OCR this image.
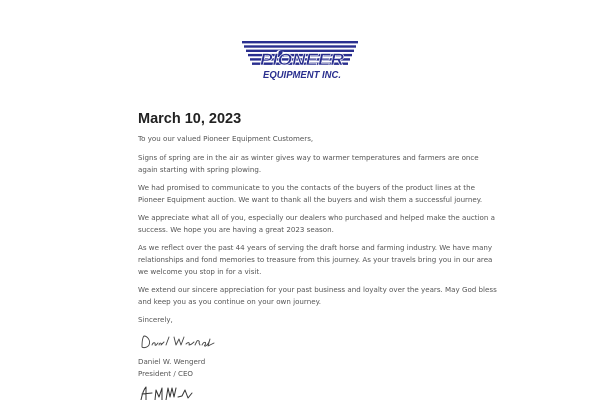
PIONEER
EQUIPMENT INC.
March 10, 2023

To you our valued Pioneer Equipment Customers,

Signs of spring are in the air as winter gives way to warmer temperatures and farmers are once
again starting with spring plowing.

We had promised to communicate to you the contacts of the buyers of the product lines at the
Pioneer Equipment auction. We want to thank all the buyers and wish them a successful journey.

We appreciate what all of you, especially our dealers who purchased and helped make the auction a
success. We hope you are having a great 2023 season.

As we reflect over the past 44 years of serving the draft horse and farming industry. We have many
relationships and fond memories to treasure from this journey. As your travels bring you in our area
we welcome you stop in for a visit.

We extend our sincere appreciation for your past business and loyalty over the years. May God bless
and keep you as you continue on your own journey.

Sincerely,

Daniel W. Wengerd
President / CEO
